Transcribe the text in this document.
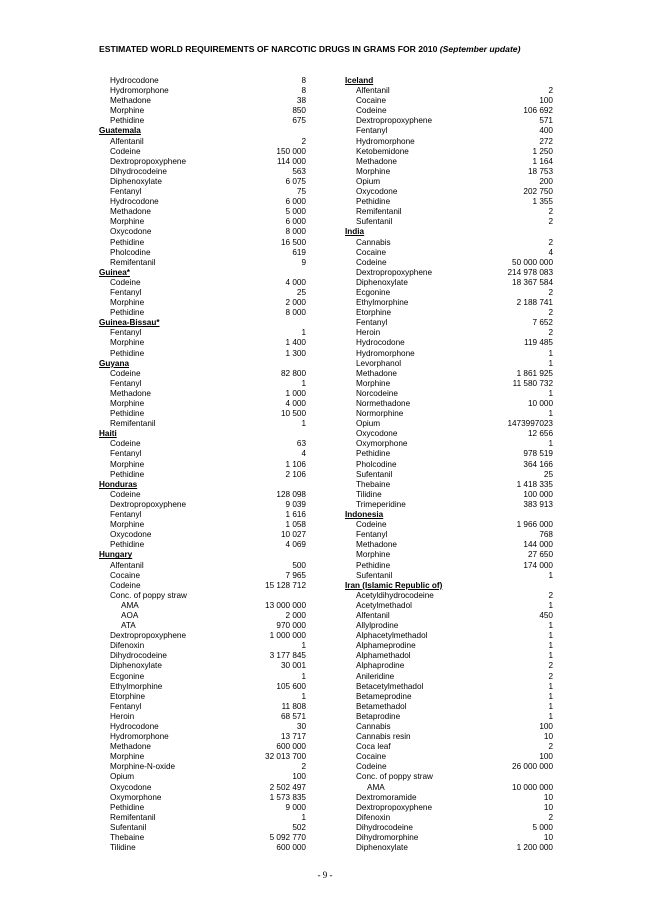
ESTIMATED WORLD REQUIREMENTS OF NARCOTIC DRUGS IN GRAMS FOR 2010 (September update)
Hydrocodone	8
Hydromorphone	8
Methadone	38
Morphine	850
Pethidine	675
Guatemala
Alfentanil	2
Codeine	150 000
Dextropropoxyphene	114 000
Dihydrocodeine	563
Diphenoxylate	6 075
Fentanyl	75
Hydrocodone	6 000
Methadone	5 000
Morphine	6 000
Oxycodone	8 000
Pethidine	16 500
Pholcodine	619
Remifentanil	9
Guinea*
Codeine	4 000
Fentanyl	25
Morphine	2 000
Pethidine	8 000
Guinea-Bissau*
Fentanyl	1
Morphine	1 400
Pethidine	1 300
Guyana
Codeine	82 800
Fentanyl	1
Methadone	1 000
Morphine	4 000
Pethidine	10 500
Remifentanil	1
Haiti
Codeine	63
Fentanyl	4
Morphine	1 106
Pethidine	2 106
Honduras
Codeine	128 098
Dextropropoxyphene	9 039
Fentanyl	1 616
Morphine	1 058
Oxycodone	10 027
Pethidine	4 069
Hungary
Alfentanil	500
Cocaine	7 965
Codeine	15 128 712
Conc. of poppy straw
AMA	13 000 000
AOA	2 000
ATA	970 000
Dextropropoxyphene	1 000 000
Difenoxin	1
Dihydrocodeine	3 177 845
Diphenoxylate	30 001
Ecgonine	1
Ethylmorphine	105 600
Etorphine	1
Fentanyl	11 808
Heroin	68 571
Hydrocodone	30
Hydromorphone	13 717
Methadone	600 000
Morphine	32 013 700
Morphine-N-oxide	2
Opium	100
Oxycodone	2 502 497
Oxymorphone	1 573 835
Pethidine	9 000
Remifentanil	1
Sufentanil	502
Thebaine	5 092 770
Tilidine	600 000
Iceland
Alfentanil	2
Cocaine	100
Codeine	106 692
Dextropropoxyphene	571
Fentanyl	400
Hydromorphone	272
Ketobemidone	1 250
Methadone	1 164
Morphine	18 753
Opium	200
Oxycodone	202 750
Pethidine	1 355
Remifentanil	2
Sufentanil	2
India
Cannabis	2
Cocaine	4
Codeine	50 000 000
Dextropropoxyphene	214 978 083
Diphenoxylate	18 367 584
Ecgonine	2
Ethylmorphine	2 188 741
Etorphine	2
Fentanyl	7 652
Heroin	2
Hydrocodone	119 485
Hydromorphone	1
Levorphanol	1
Methadone	1 861 925
Morphine	11 580 732
Norcodeine	1
Normethadone	10 000
Normorphine	1
Opium	1473997023
Oxycodone	12 656
Oxymorphone	1
Pethidine	978 519
Pholcodine	364 166
Sufentanil	25
Thebaine	1 418 335
Tilidine	100 000
Trimeperidine	383 913
Indonesia
Codeine	1 966 000
Fentanyl	768
Methadone	144 000
Morphine	27 650
Pethidine	174 000
Sufentanil	1
Iran (Islamic Republic of)
Acetyldihydrocodeine	2
Acetylmethadol	1
Alfentanil	450
Allylprodine	1
Alphacetylmethadol	1
Alphameprodine	1
Alphamethadol	1
Alphaprodine	2
Anileridine	2
Betacetylmethadol	1
Betameprodine	1
Betamethadol	1
Betaprodine	1
Cannabis	100
Cannabis resin	10
Coca leaf	2
Cocaine	100
Codeine	26 000 000
Conc. of poppy straw
AMA	10 000 000
Dextromoramide	10
Dextropropoxyphene	10
Difenoxin	2
Dihydrocodeine	5 000
Dihydromorphine	10
Diphenoxylate	1 200 000
- 9 -
